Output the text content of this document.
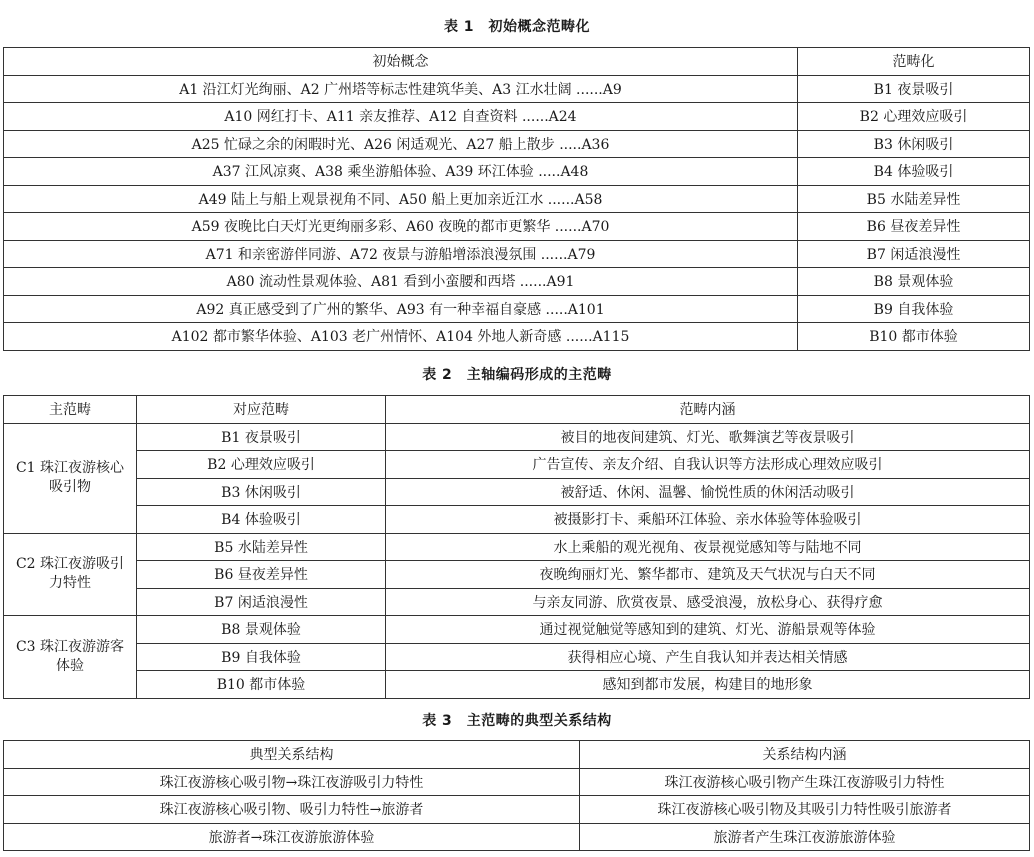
表 1　初始概念范畴化
初始概念	范畴化
A1 沿江灯光绚丽、A2 广州塔等标志性建筑华美、A3 江水壮阔 ......A9	B1 夜景吸引
A10 网红打卡、A11 亲友推荐、A12 自查资料 ......A24	B2 心理效应吸引
A25 忙碌之余的闲暇时光、A26 闲适观光、A27 船上散步 .....A36	B3 休闲吸引
A37 江风凉爽、A38 乘坐游船体验、A39 环江体验 .....A48	B4 体验吸引
A49 陆上与船上观景视角不同、A50 船上更加亲近江水 ......A58	B5 水陆差异性
A59 夜晚比白天灯光更绚丽多彩、A60 夜晚的都市更繁华 ......A70	B6 昼夜差异性
A71 和亲密游伴同游、A72 夜景与游船增添浪漫氛围 ......A79	B7 闲适浪漫性
A80 流动性景观体验、A81 看到小蛮腰和西塔 ......A91	B8 景观体验
A92 真正感受到了广州的繁华、A93 有一种幸福自豪感 .....A101	B9 自我体验
A102 都市繁华体验、A103 老广州情怀、A104 外地人新奇感 ......A115	B10 都市体验
表 2　主轴编码形成的主范畴
主范畴	对应范畴	范畴内涵
C1 珠江夜游核心吸引物	B1 夜景吸引	被目的地夜间建筑、灯光、歌舞演艺等夜景吸引
	B2 心理效应吸引	广告宣传、亲友介绍、自我认识等方法形成心理效应吸引
	B3 休闲吸引	被舒适、休闲、温馨、愉悦性质的休闲活动吸引
	B4 体验吸引	被摄影打卡、乘船环江体验、亲水体验等体验吸引
C2 珠江夜游吸引力特性	B5 水陆差异性	水上乘船的观光视角、夜景视觉感知等与陆地不同
	B6 昼夜差异性	夜晚绚丽灯光、繁华都市、建筑及天气状况与白天不同
	B7 闲适浪漫性	与亲友同游、欣赏夜景、感受浪漫，放松身心、获得疗愈
C3 珠江夜游游客体验	B8 景观体验	通过视觉触觉等感知到的建筑、灯光、游船景观等体验
	B9 自我体验	获得相应心境、产生自我认知并表达相关情感
	B10 都市体验	感知到都市发展，构建目的地形象
表 3　主范畴的典型关系结构
典型关系结构	关系结构内涵
珠江夜游核心吸引物→珠江夜游吸引力特性	珠江夜游核心吸引物产生珠江夜游吸引力特性
珠江夜游核心吸引物、吸引力特性→旅游者	珠江夜游核心吸引物及其吸引力特性吸引旅游者
旅游者→珠江夜游旅游体验	旅游者产生珠江夜游旅游体验
